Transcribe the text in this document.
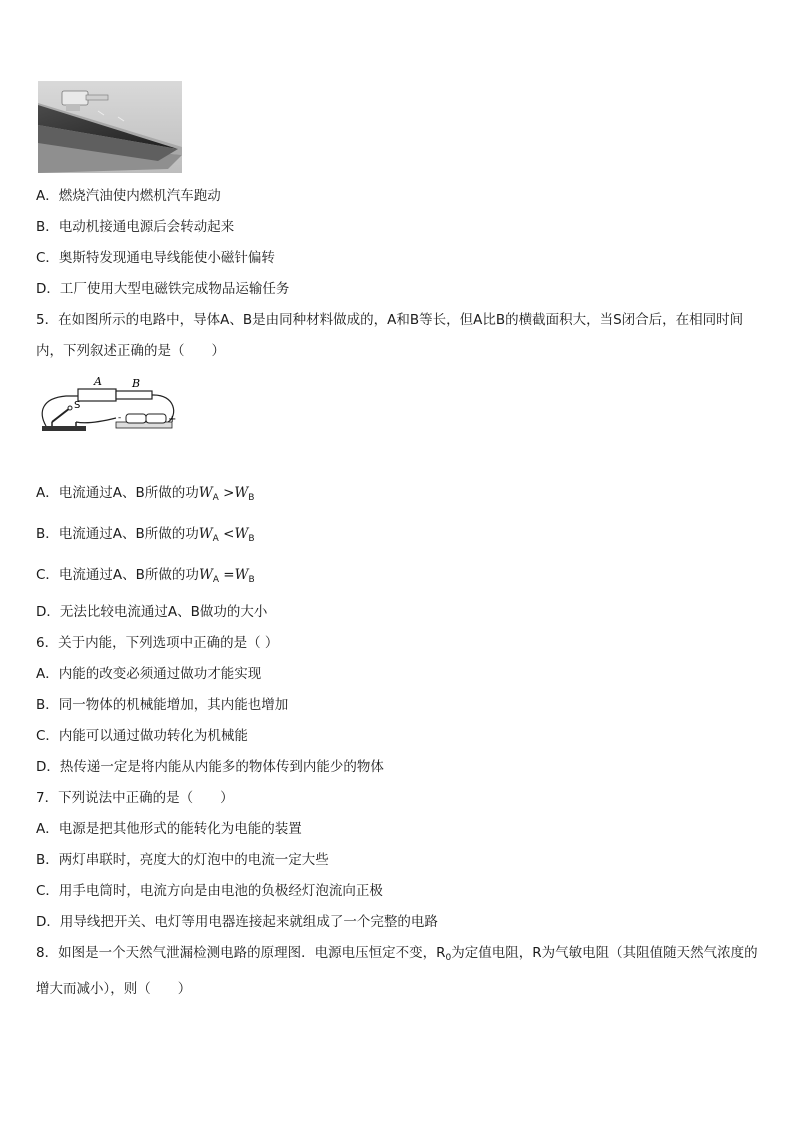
A．燃烧汽油使内燃机汽车跑动
B．电动机接通电源后会转动起来
C．奥斯特发现通电导线能使小磁针偏转
D．工厂使用大型电磁铁完成物品运输任务
5．在如图所示的电路中，导体A、B是由同种材料做成的，A和B等长，但A比B的横截面积大，当S闭合后，在相同时间内，下列叙述正确的是（　　）
A	B
S
-	+
A．电流通过A、B所做的功$W_A >W_B$
B．电流通过A、B所做的功$W_A <W_B$
C．电流通过A、B所做的功$W_A =W_B$
D．无法比较电流通过A、B做功的大小
6．关于内能，下列选项中正确的是（ ）
A．内能的改变必须通过做功才能实现
B．同一物体的机械能增加，其内能也增加
C．内能可以通过做功转化为机械能
D．热传递一定是将内能从内能多的物体传到内能少的物体
7．下列说法中正确的是（　　）
A．电源是把其他形式的能转化为电能的装置
B．两灯串联时，亮度大的灯泡中的电流一定大些
C．用手电筒时，电流方向是由电池的负极经灯泡流向正极
D．用导线把开关、电灯等用电器连接起来就组成了一个完整的电路
8．如图是一个天然气泄漏检测电路的原理图．电源电压恒定不变，$R_0$为定值电阻，R为气敏电阻（其阻值随天然气浓度的增大而减小），则（　　）
